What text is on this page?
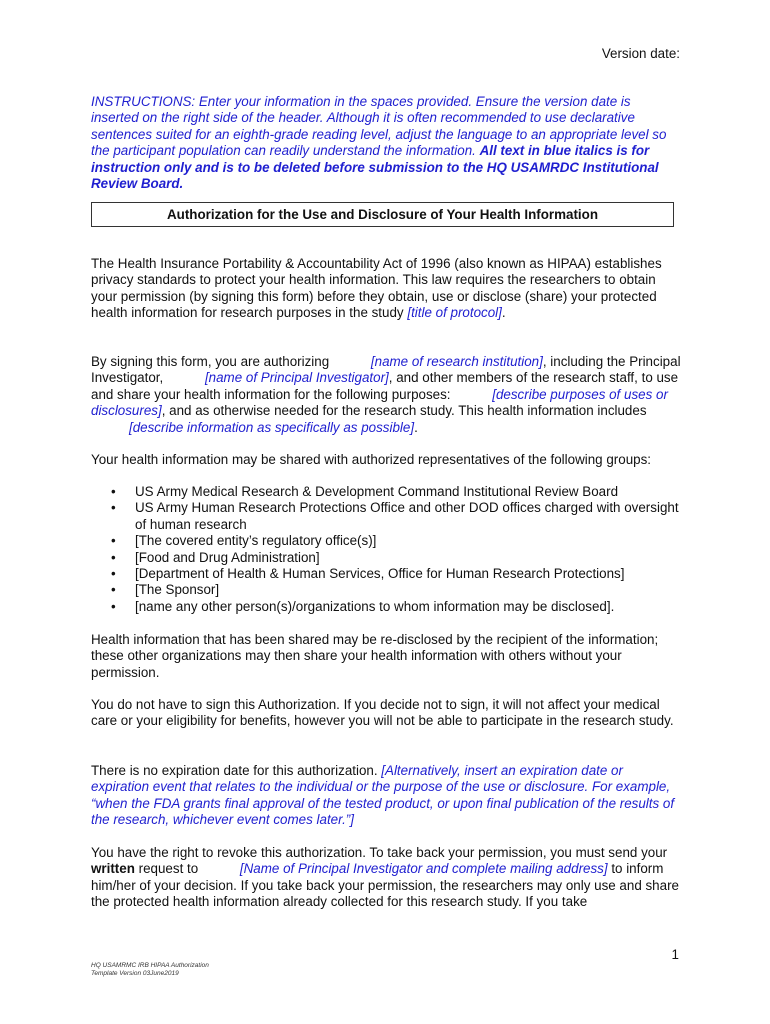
Version date:
INSTRUCTIONS: Enter your information in the spaces provided. Ensure the version date is inserted on the right side of the header. Although it is often recommended to use declarative sentences suited for an eighth-grade reading level, adjust the language to an appropriate level so the participant population can readily understand the information. All text in blue italics is for instruction only and is to be deleted before submission to the HQ USAMRDC Institutional Review Board.
Authorization for the Use and Disclosure of Your Health Information

The Health Insurance Portability & Accountability Act of 1996 (also known as HIPAA) establishes privacy standards to protect your health information. This law requires the researchers to obtain your permission (by signing this form) before they obtain, use or disclose (share) your protected health information for research purposes in the study [title of protocol].

By signing this form, you are authorizing	[name of research institution], including the Principal Investigator,	[name of Principal Investigator], and other members of the research staff, to use and share your health information for the following purposes:	[describe purposes of uses or disclosures], and as otherwise needed for the research study. This health information includes [describe information as specifically as possible].

Your health information may be shared with authorized representatives of the following groups:

• US Army Medical Research & Development Command Institutional Review Board
• US Army Human Research Protections Office and other DOD offices charged with oversight of human research
• [The covered entity’s regulatory office(s)]
• [Food and Drug Administration]
• [Department of Health & Human Services, Office for Human Research Protections]
• [The Sponsor]
• [name any other person(s)/organizations to whom information may be disclosed].

Health information that has been shared may be re-disclosed by the recipient of the information; these other organizations may then share your health information with others without your permission.

You do not have to sign this Authorization. If you decide not to sign, it will not affect your medical care or your eligibility for benefits, however you will not be able to participate in the research study.

There is no expiration date for this authorization. [Alternatively, insert an expiration date or expiration event that relates to the individual or the purpose of the use or disclosure. For example, “when the FDA grants final approval of the tested product, or upon final publication of the results of the research, whichever event comes later.”]

You have the right to revoke this authorization. To take back your permission, you must send your written request to	[Name of Principal Investigator and complete mailing address] to inform him/her of your decision. If you take back your permission, the researchers may only use and share the protected health information already collected for this research study. If you take

1
HQ USAMRMC IRB HIPAA Authorization
Template Version 03June2019
